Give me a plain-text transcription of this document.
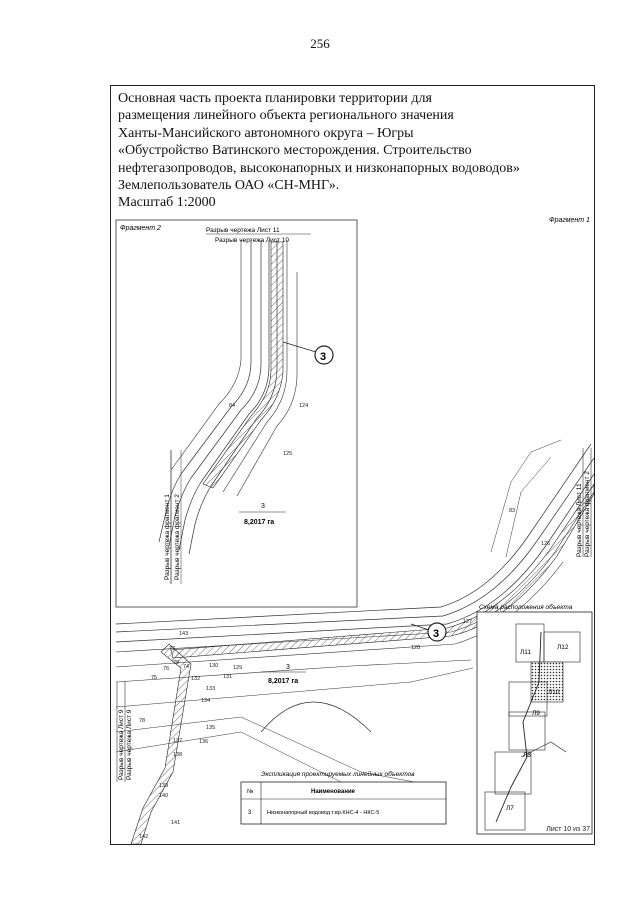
256
Основная часть проекта планировки территории для
размещения линейного объекта регионального значения
Ханты-Мансийского автономного округа – Югры
«Обустройство Ватинского месторождения. Строительство
нефтегазопроводов, высоконапорных и низконапорных водоводов»
Землепользователь ОАО «СН-МНГ».
Масштаб 1:2000
Фрагмент 1
Фрагмент 2	Разрыв чертежа Лист 11
Разрыв чертежа Лист 10
Разрыв чертежа фрагмент 1 Разрыв чертежа фрагмент 2	Разрыв чертежа Лист 11 Разрыв чертежа фрагмент 2
Разрыв чертежа Лист 9 Разрыв чертежа Лист 9
3
3
3
8,2017 га
3
8,2017 га
124
125
84
83
126
127
128
129
130
131
132
133
134
135
136
137
138
139
140
141
142
143
79
76
75
74
77
78
Схема расположения объекта
Л11
Л12
Л10
Л9
Л8
Л7
Экспликация проектируемых линейных объектов
№	Наименование
3	Низконапорный водовод т.вр.КНС-4 - НКС-5
Лист 10 из 37
